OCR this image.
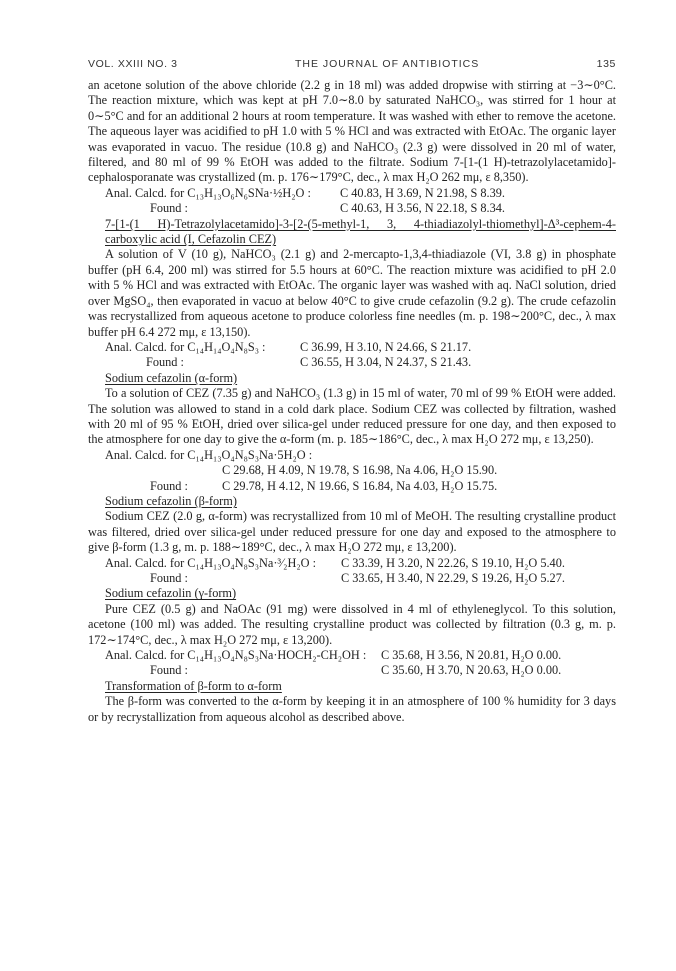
VOL. XXIII NO. 3	THE JOURNAL OF ANTIBIOTICS	135

an acetone solution of the above chloride (2.2 g in 18 ml) was added dropwise with stirring at −3∼0°C. The reaction mixture, which was kept at pH 7.0∼8.0 by saturated NaHCO₃, was stirred for 1 hour at 0∼5°C and for an additional 2 hours at room temperature. It was washed with ether to remove the acetone. The aqueous layer was acidified to pH 1.0 with 5 % HCl and was extracted with EtOAc. The organic layer was evaporated in vacuo. The residue (10.8 g) and NaHCO₃ (2.3 g) were dissolved in 20 ml of water, filtered, and 80 ml of 99 % EtOH was added to the filtrate. Sodium 7-[1-(1 H)-tetrazolylacetamido]-cephalosporanate was crystallized (m. p. 176∼179°C, dec., λ max H₂O 262 mμ, ε 8,350).

Anal. Calcd. for C₁₃H₁₃O₆N₆SNa·½H₂O :	C 40.83, H 3.69, N 21.98, S 8.39.
Found :	C 40.63, H 3.56, N 22.18, S 8.34.
7-[1-(1 H)-Tetrazolylacetamido]-3-[2-(5-methyl-1, 3, 4-thiadiazolyl-thiomethyl]-Δ³-cephem-4-carboxylic acid (I, Cefazolin CEZ)

A solution of V (10 g), NaHCO₃ (2.1 g) and 2-mercapto-1,3,4-thiadiazole (VI, 3.8 g) in phosphate buffer (pH 6.4, 200 ml) was stirred for 5.5 hours at 60°C. The reaction mixture was acidified to pH 2.0 with 5 % HCl and was extracted with EtOAc. The organic layer was washed with aq. NaCl solution, dried over MgSO₄, then evaporated in vacuo at below 40°C to give crude cefazolin (9.2 g). The crude cefazolin was recrystallized from aqueous acetone to produce colorless fine needles (m. p. 198∼200°C, dec., λ max buffer pH 6.4 272 mμ, ε 13,150).

Anal. Calcd. for C₁₄H₁₄O₄N₈S₃ :	C 36.99, H 3.10, N 24.66, S 21.17.
Found :	C 36.55, H 3.04, N 24.37, S 21.43.
Sodium cefazolin (α-form)

To a solution of CEZ (7.35 g) and NaHCO₃ (1.3 g) in 15 ml of water, 70 ml of 99 % EtOH were added. The solution was allowed to stand in a cold dark place. Sodium CEZ was collected by filtration, washed with 20 ml of 95 % EtOH, dried over silica-gel under reduced pressure for one day, and then exposed to the atmosphere for one day to give the α-form (m. p. 185∼186°C, dec., λ max H₂O 272 mμ, ε 13,250).

Anal. Calcd. for C₁₄H₁₃O₄N₈S₃Na·5H₂O :
C 29.68, H 4.09, N 19.78, S 16.98, Na 4.06, H₂O 15.90.
Found :	C 29.78, H 4.12, N 19.66, S 16.84, Na 4.03, H₂O 15.75.
Sodium cefazolin (β-form)

Sodium CEZ (2.0 g, α-form) was recrystallized from 10 ml of MeOH. The resulting crystalline product was filtered, dried over silica-gel under reduced pressure for one day and exposed to the atmosphere to give β-form (1.3 g, m. p. 188∼189°C, dec., λ max H₂O 272 mμ, ε 13,200).

Anal. Calcd. for C₁₄H₁₃O₄N₈S₃Na·³⁄₂H₂O :	C 33.39, H 3.20, N 22.26, S 19.10, H₂O 5.40.
Found :	C 33.65, H 3.40, N 22.29, S 19.26, H₂O 5.27.
Sodium cefazolin (γ-form)

Pure CEZ (0.5 g) and NaOAc (91 mg) were dissolved in 4 ml of ethyleneglycol. To this solution, acetone (100 ml) was added. The resulting crystalline product was collected by filtration (0.3 g, m. p. 172∼174°C, dec., λ max H₂O 272 mμ, ε 13,200).

Anal. Calcd. for C₁₄H₁₃O₄N₈S₃Na·HOCH₂-CH₂OH :	C 35.68, H 3.56, N 20.81, H₂O 0.00.
Found :	C 35.60, H 3.70, N 20.63, H₂O 0.00.
Transformation of β-form to α-form

The β-form was converted to the α-form by keeping it in an atmosphere of 100 % humidity for 3 days or by recrystallization from aqueous alcohol as described above.
